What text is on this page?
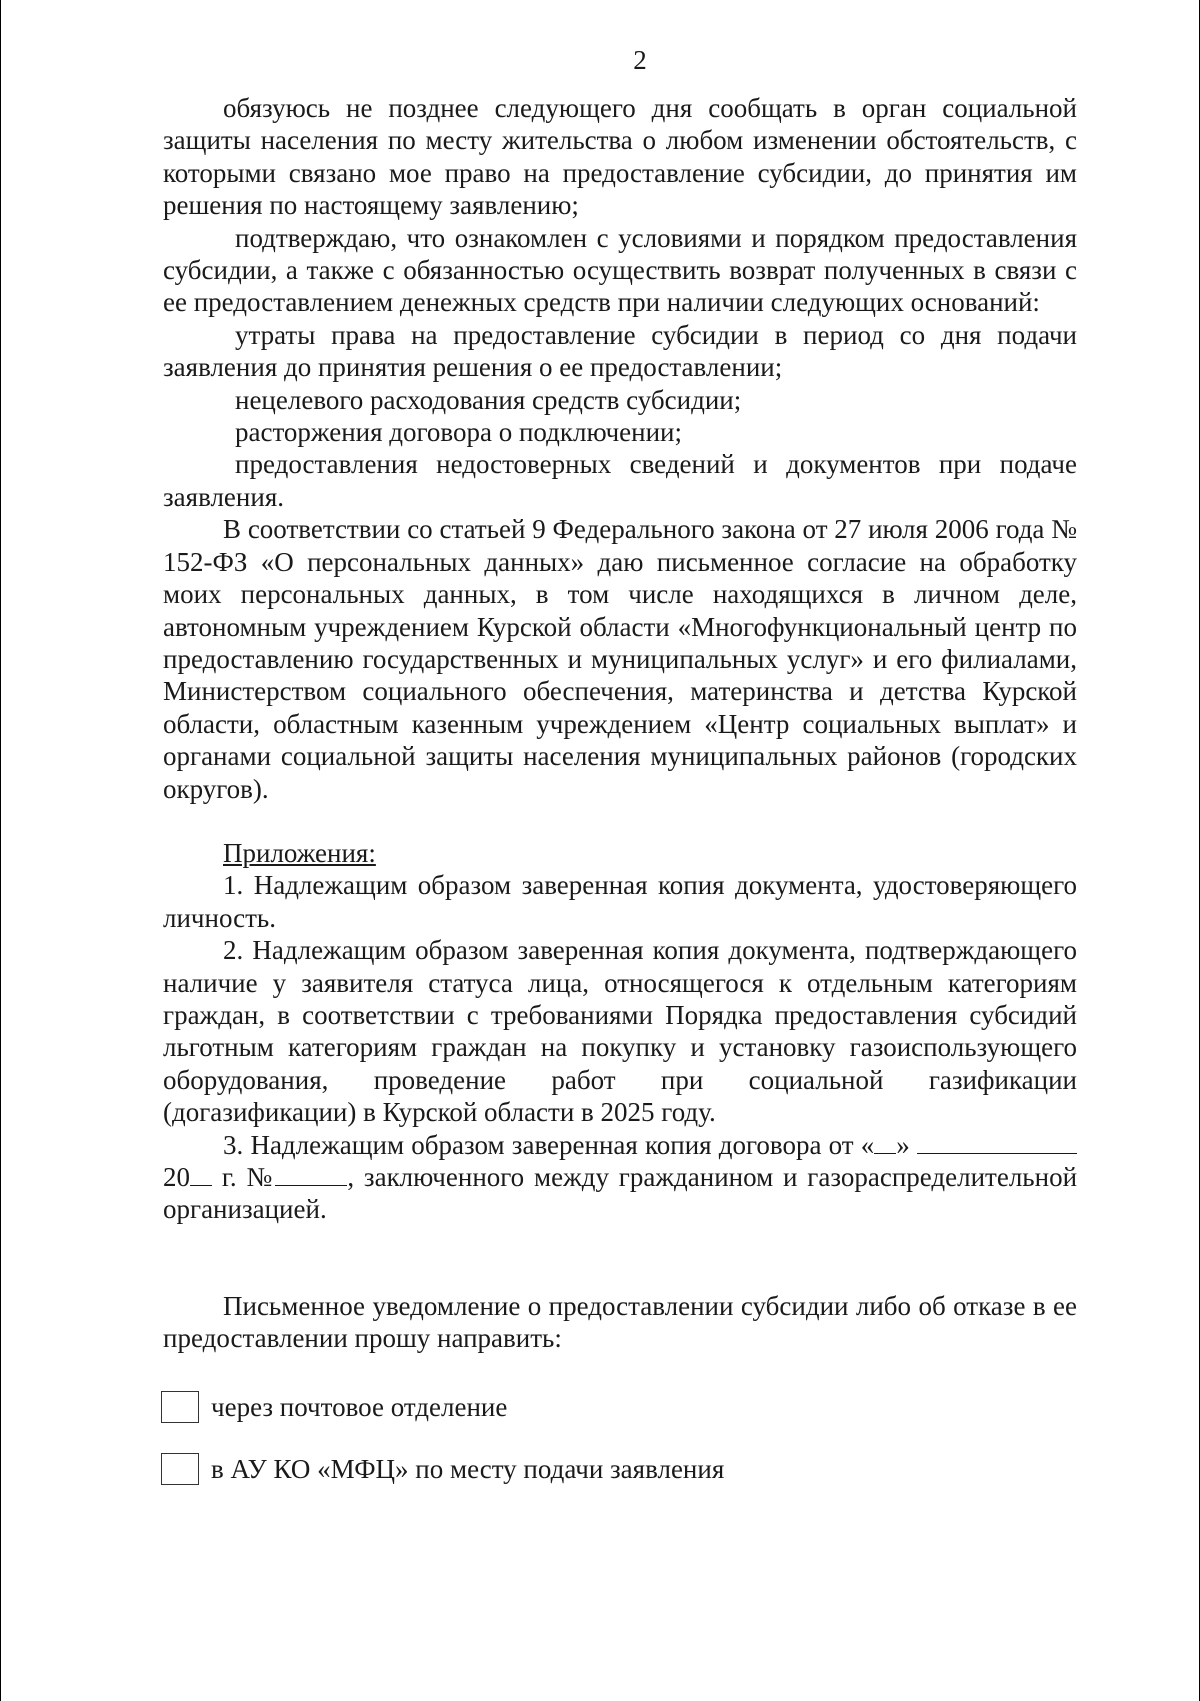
2

обязуюсь не позднее следующего дня сообщать в орган социальной защиты населения по месту жительства о любом изменении обстоятельств, с которыми связано мое право на предоставление субсидии, до принятия им решения по настоящему заявлению;

подтверждаю, что ознакомлен с условиями и порядком предоставления субсидии, а также с обязанностью осуществить возврат полученных в связи с ее предоставлением денежных средств при наличии следующих оснований:

утраты права на предоставление субсидии в период со дня подачи заявления до принятия решения о ее предоставлении;

нецелевого расходования средств субсидии;

расторжения договора о подключении;

предоставления недостоверных сведений и документов при подаче заявления.

В соответствии со статьей 9 Федерального закона от 27 июля 2006 года № 152-ФЗ «О персональных данных» даю письменное согласие на обработку моих персональных данных, в том числе находящихся в личном деле, автономным учреждением Курской области «Многофункциональный центр по предоставлению государственных и муниципальных услуг» и его филиалами, Министерством социального обеспечения, материнства и детства Курской области, областным казенным учреждением «Центр социальных выплат» и органами социальной защиты населения муниципальных районов (городских округов).

Приложения:

1. Надлежащим образом заверенная копия документа, удостоверяющего личность.

2. Надлежащим образом заверенная копия документа, подтверждающего наличие у заявителя статуса лица, относящегося к отдельным категориям граждан, в соответствии с требованиями Порядка предоставления субсидий льготным категориям граждан на покупку и установку газоиспользующего оборудования, проведение работ при социальной газификации (догазификации) в Курской области в 2025 году.

3. Надлежащим образом заверенная копия договора от « »  20 г. №	, заключенного между гражданином и газораспределительной организацией.

Письменное уведомление о предоставлении субсидии либо об отказе в ее предоставлении прошу направить:

через почтовое отделение
в АУ КО «МФЦ» по месту подачи заявления
